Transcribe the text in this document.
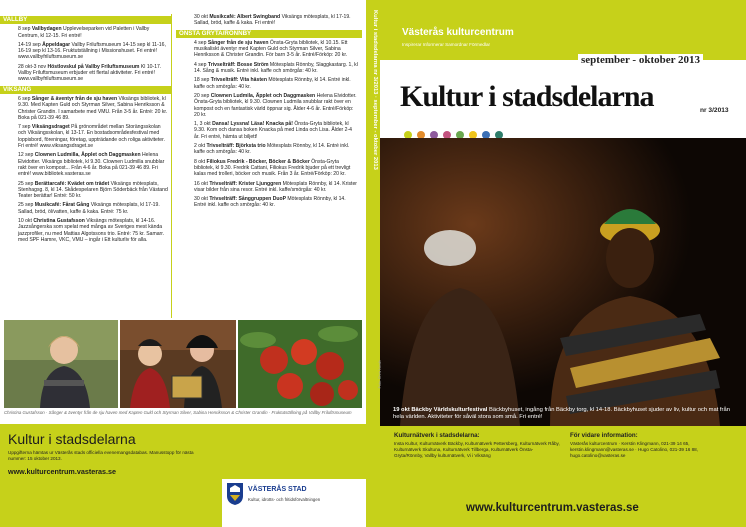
VALLBY
8 sep Vallbydagen Upplevelseparken vid Paletten i Vallby Centrum, kl 12-15. Fri entré!
14-19 sep Äppeldagar Vallby Friluftsmuseum 14-15 sep kl 11-16, 16-19 sep kl 13-16. Fruktutställning i Missionshuset. Fri entré! www.vallbyfriluftsmuseum.se
28 okt-3 nov Höstlovskul på Vallby Friluftsmuseum Kl 10-17. Vallby Friluftsmuseum erbjuder ett flertal aktiviteter. Fri entré! www.vallbyfriluftsmuseum.se
VIKSÄNG
6 sep Sånger & äventyr från de sju haven Viksängs bibliotek, kl 9.30. Med Kapten Guld och Styrman Silver, Sabina Henriksson & Christer Grandin. I samarbete med VMU. Från 3-5 år. Entré: 20 kr. Boka på 021-39 46 89.
7 sep Viksängsdraget På grönområdet mellan Storängsskolan och Viksängsskolan, kl 13-17. En bostadsområdesfestival med loppisbord, föreningar, företag, uppträdande och roliga aktiviteter. Fri entré! www.viksangsdraget.se
12 sep Clownen Ludmilla, Äpplet och Daggmasken Helena Elvidotter. Viksängs bibliotek, kl 9.30. Clownen Ludmilla snubblar rakt över en kompost... Från 4-6 år. Boka på 021-39 46 89. Fri entré! www.bibliotek.vasteras.se
25 sep Berättarcafé: Kvädet om trädet Viksängs mötesplats, Stenhagsg. 8, kl 14. Skådespelaren Björn Söderbäck från Västand Teater berättar! Entré: 50 kr.
25 sep Musikcafé: Fårat Gång Viksängs mötesplats, kl 17-19. Sallad, bröd, öl/vatten, kaffe & kaka. Entré: 75 kr.
10 okt Christina Gustafsson Viksängs mötesplats, kl 14-16. Jazzsångerska som spelat med många av Sveriges mest kända jazzprofiler, nu med Mattias Algotssons trio. Entré: 75 kr. Samarr. med SPF Hamre, VKC, VMU – ingår i Ett kulturliv för alla.
30 okt Musikcafé: Albert Swingband Viksängs mötesplats, kl 17-19. Sallad, bröd, kaffe & kaka. Fri entré!
ÖNSTA GRYTA/RÖNNBY
4 sep Sånger från de sju haven Önsta-Gryta bibliotek, kl 10.15. Ett musikaliskt äventyr med Kapten Guld och Styrman Silver, Sabina Henriksson & Christer Grandin. För barn 3-5 år. Entré/Förköp: 20 kr.
4 sep Trivselträff: Bosse Ström Mötesplats Rönnby, Slaggkastarg. 1, kl 14. Sång & musik. Entré inkl. kaffe och smörgås: 40 kr.
18 sep Trivselträff: Vita hästen Mötesplats Rönnby, kl 14. Entré inkl. kaffe och smörgås: 40 kr.
20 sep Clownen Ludmila, Äpplet och Daggmasken Helena Elvidotter. Önsta-Gryta bibliotek, kl 9.30. Clownen Ludmila snubblar rakt över en kompost och en fantastisk värld öppnar sig. Ålder 4-6 år. Entré/Förköp: 20 kr.
1, 3 okt Dansa! Lyssna! Läsa! Knacka på! Önsta-Gryta bibliotek, kl 9.30. Kom och dansa boken Knacka på med Linda och Lisa. Ålder 2-4 år. Fri entré, hämta ut biljett!
2 okt Trivselträff: Björksta trio Mötesplats Rönnby, kl 14. Entré inkl. kaffe och smörgås: 40 kr.
8 okt Filiokus Fredrik - Böcker, Böcker & Böcker Önsta-Gryta bibliotek, kl 9.30. Fredrik Cattani, Filiokus Fredrik bjuder på ett trevligt kalas med trolleri, böcker och musik. Från 3 år. Entré/Förköp: 20 kr.
16 okt Trivselträff: Krister Ljunggren Mötesplats Rönnby, kl 14. Krister visar bilder från sina resor. Entré inkl. kaffe/smörgås: 40 kr.
30 okt Trivselträff: Sånggruppen DuoP Mötesplats Rönnby, kl 14. Entré inkl. kaffe och smörgås: 40 kr.
Christina Gustafsson · Sånger & äventyr från de sju haven med Kapten Guld och Styrman Silver, Sabina Henriksson & Christer Grandin · Fruktutställning på Vallby Friluftsmuseum
Kultur i stadsdelarna
Uppgifterna hämtas ur Västerås stads officiella evenemangsdatabas. Manusstopp för nästa nummer: 15 oktober 2013.
www.kulturcentrum.vasteras.se
VÄSTERÅS STAD
Kultur, idrotts- och fritidsförvaltningen
Kultur i stadsdelarna nr 3/2013 · september - oktober 2013 Västerås kulturcentrum
Inspirerar Informerar Samordnar Förmedlar
september - oktober 2013
Kultur i stadsdelarna	nr 3/2013
Foto: Chris Nordh
19 okt Bäckby Världskulturfestival Bäckbyhuset, ingång från Bäckby torg, kl 14-18. Bäckbyhuset sjuder av liv, kultur och mat från hela världen. Aktiviteter för såväl stora som små. Fri entré!
Kulturnätverk i stadsdelarna:
Insta Kultur, Kulturnätverk Bäckby, Kulturnätverk Pettersberg, Kulturnätverk Råby, Kulturnätverk Skultuna, Kulturnätverk Tillberga, Kulturnätverk Önsta-Gryta/Rönnby, Vallby kulturnätverk, Vi i Viksäng
För vidare information:
Västerås kulturcentrum · Kerstin Klingmann, 021-39 14 65, kerstin.klingmann@vasteras.se · Hugo Catolino, 021-39 16 88, hugo.catolino@vasteras.se
www.kulturcentrum.vasteras.se
